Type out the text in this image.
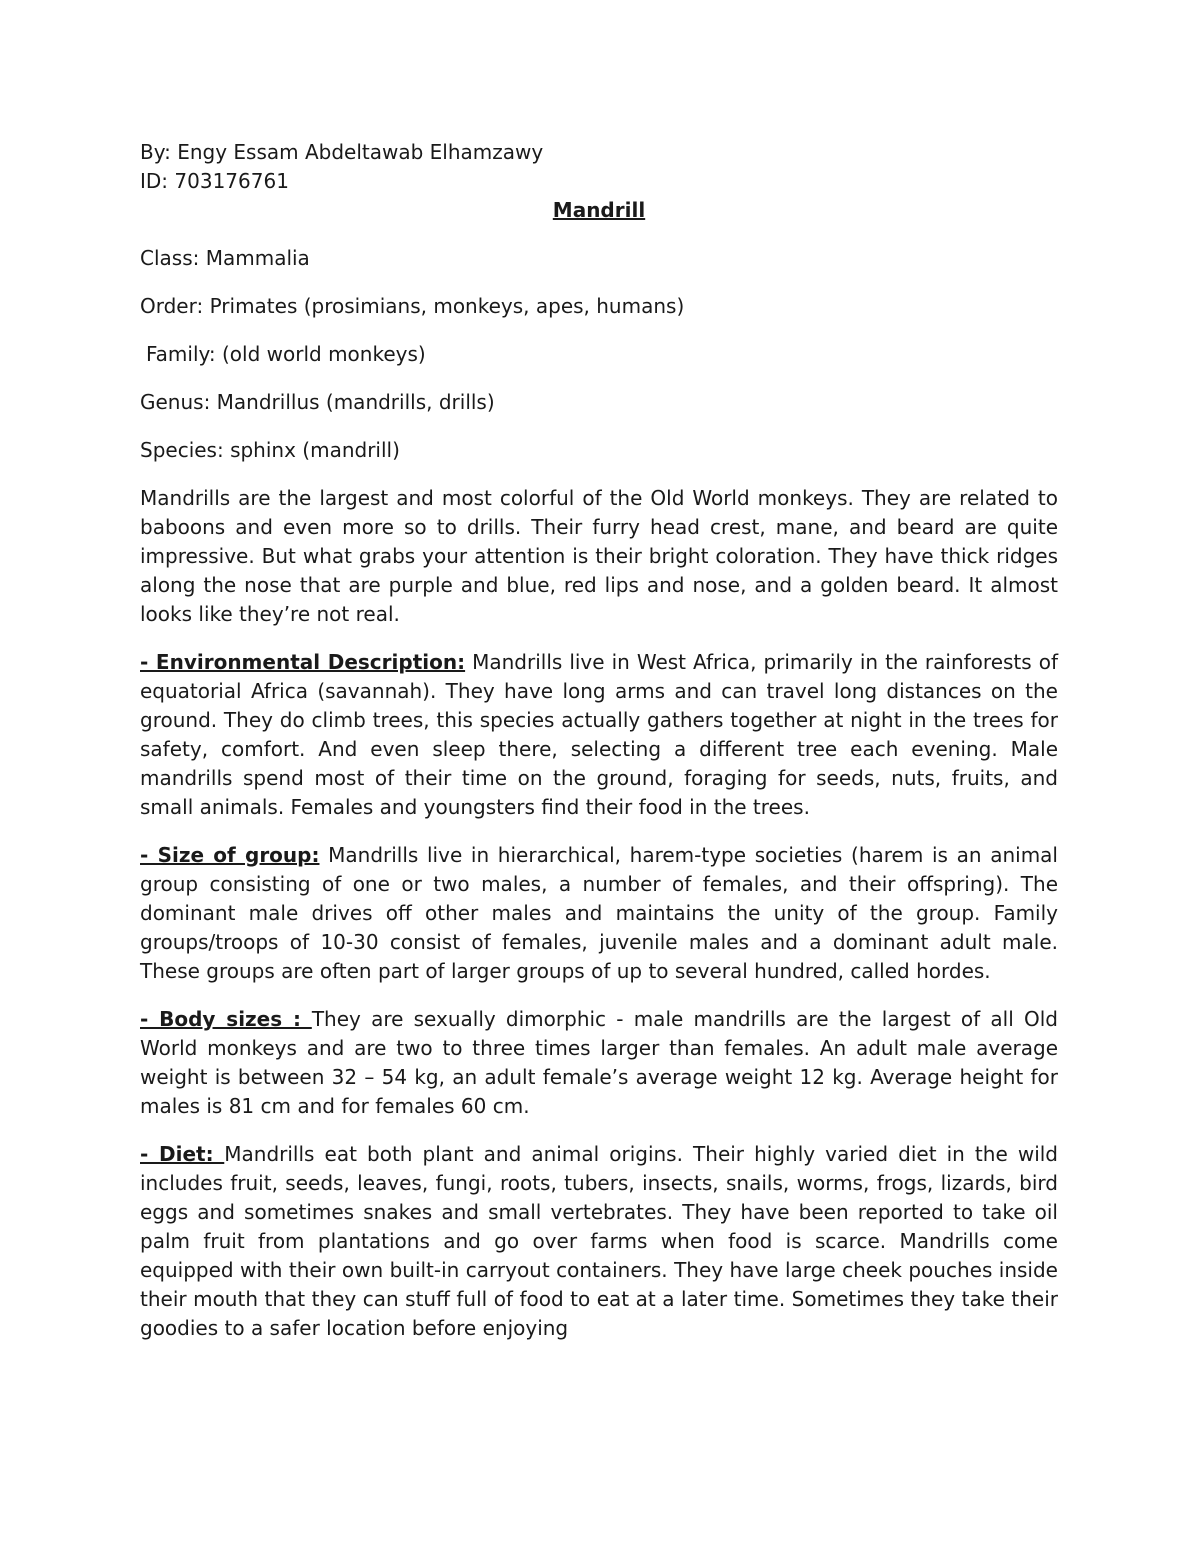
By: Engy Essam Abdeltawab Elhamzawy

ID: 703176761

Mandrill

Class: Mammalia

Order: Primates (prosimians, monkeys, apes, humans)

Family: (old world monkeys)

Genus: Mandrillus (mandrills, drills)

Species: sphinx (mandrill)

Mandrills are the largest and most colorful of the Old World monkeys. They are related to baboons and even more so to drills. Their furry head crest, mane, and beard are quite impressive. But what grabs your attention is their bright coloration. They have thick ridges along the nose that are purple and blue, red lips and nose, and a golden beard. It almost looks like they’re not real.

- Environmental Description: Mandrills live in West Africa, primarily in the rainforests of equatorial Africa (savannah). They have long arms and can travel long distances on the ground. They do climb trees, this species actually gathers together at night in the trees for safety, comfort. And even sleep there, selecting a different tree each evening. Male mandrills spend most of their time on the ground, foraging for seeds, nuts, fruits, and small animals. Females and youngsters find their food in the trees.

- Size of group: Mandrills live in hierarchical, harem-type societies (harem is an animal group consisting of one or two males, a number of females, and their offspring). The dominant male drives off other males and maintains the unity of the group. Family groups/troops of 10-30 consist of females, juvenile males and a dominant adult male. These groups are often part of larger groups of up to several hundred, called hordes.

- Body sizes : They are sexually dimorphic - male mandrills are the largest of all Old World monkeys and are two to three times larger than females. An adult male average weight is between 32 – 54 kg, an adult female’s average weight 12 kg. Average height for males is 81 cm and for females 60 cm.

- Diet: Mandrills eat both plant and animal origins. Their highly varied diet in the wild includes fruit, seeds, leaves, fungi, roots, tubers, insects, snails, worms, frogs, lizards, bird eggs and sometimes snakes and small vertebrates. They have been reported to take oil palm fruit from plantations and go over farms when food is scarce. Mandrills come equipped with their own built-in carryout containers. They have large cheek pouches inside their mouth that they can stuff full of food to eat at a later time. Sometimes they take their goodies to a safer location before enjoying
